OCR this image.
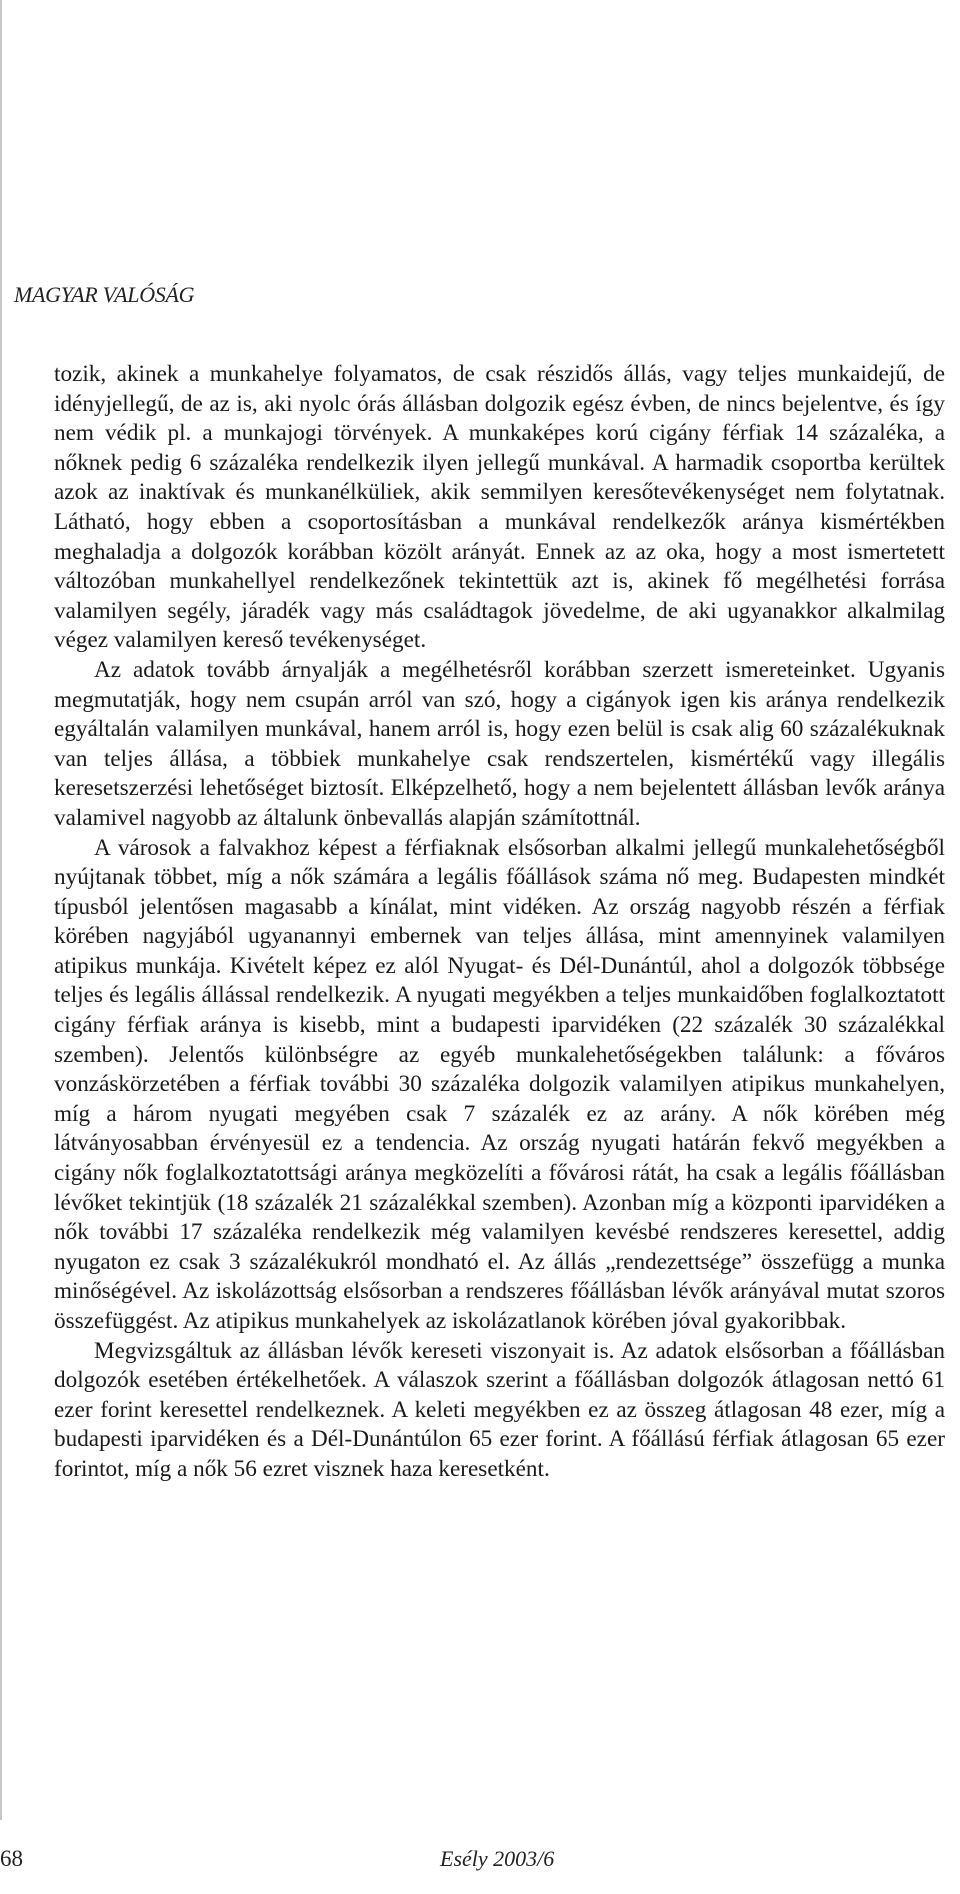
MAGYAR VALÓSÁG

tozik, akinek a munkahelye folyamatos, de csak részidős állás, vagy teljes munkaidejű, de idényjellegű, de az is, aki nyolc órás állásban dolgozik egész évben, de nincs bejelentve, és így nem védik pl. a munkajogi törvények. A munkaképes korú cigány férfiak 14 százaléka, a nőknek pedig 6 százaléka rendelkezik ilyen jellegű munkával. A harmadik csoportba kerültek azok az inaktívak és munkanélküliek, akik semmilyen keresőtevékenységet nem folytatnak. Látható, hogy ebben a csoportosításban a munkával rendelkezők aránya kismértékben meghaladja a dolgozók korábban közölt arányát. Ennek az az oka, hogy a most ismertetett változóban munkahellyel rendelkezőnek tekintettük azt is, akinek fő megélhetési forrása valamilyen segély, járadék vagy más családtagok jövedelme, de aki ugyanakkor alkalmilag végez valamilyen kereső tevékenységet.

Az adatok tovább árnyalják a megélhetésről korábban szerzett ismereteinket. Ugyanis megmutatják, hogy nem csupán arról van szó, hogy a cigányok igen kis aránya rendelkezik egyáltalán valamilyen munkával, hanem arról is, hogy ezen belül is csak alig 60 százalékuknak van teljes állása, a többiek munkahelye csak rendszertelen, kismértékű vagy illegális keresetszerzési lehetőséget biztosít. Elképzelhető, hogy a nem bejelentett állásban levők aránya valamivel nagyobb az általunk önbevallás alapján számítottnál.

A városok a falvakhoz képest a férfiaknak elsősorban alkalmi jellegű munkalehetőségből nyújtanak többet, míg a nők számára a legális főállások száma nő meg. Budapesten mindkét típusból jelentősen magasabb a kínálat, mint vidéken. Az ország nagyobb részén a férfiak körében nagyjából ugyanannyi embernek van teljes állása, mint amennyinek valamilyen atipikus munkája. Kivételt képez ez alól Nyugat- és Dél-Dunántúl, ahol a dolgozók többsége teljes és legális állással rendelkezik. A nyugati megyékben a teljes munkaidőben foglalkoztatott cigány férfiak aránya is kisebb, mint a budapesti iparvidéken (22 százalék 30 százalékkal szemben). Jelentős különbségre az egyéb munkalehetőségekben találunk: a főváros vonzáskörzetében a férfiak további 30 százaléka dolgozik valamilyen atipikus munkahelyen, míg a három nyugati megyében csak 7 százalék ez az arány. A nők körében még látványosabban érvényesül ez a tendencia. Az ország nyugati határán fekvő megyékben a cigány nők foglalkoztatottsági aránya megközelíti a fővárosi rátát, ha csak a legális főállásban lévőket tekintjük (18 százalék 21 százalékkal szemben). Azonban míg a központi iparvidéken a nők további 17 százaléka rendelkezik még valamilyen kevésbé rendszeres keresettel, addig nyugaton ez csak 3 százalékukról mondható el. Az állás „rendezettsége” összefügg a munka minőségével. Az iskolázottság elsősorban a rendszeres főállásban lévők arányával mutat szoros összefüggést. Az atipikus munkahelyek az iskolázatlanok körében jóval gyakoribbak.

Megvizsgáltuk az állásban lévők kereseti viszonyait is. Az adatok elsősorban a főállásban dolgozók esetében értékelhetőek. A válaszok szerint a főállásban dolgozók átlagosan nettó 61 ezer forint keresettel rendelkeznek. A keleti megyékben ez az összeg átlagosan 48 ezer, míg a budapesti iparvidéken és a Dél-Dunántúlon 65 ezer forint. A főállású férfiak átlagosan 65 ezer forintot, míg a nők 56 ezret visznek haza keresetként.

68	Esély 2003/6
